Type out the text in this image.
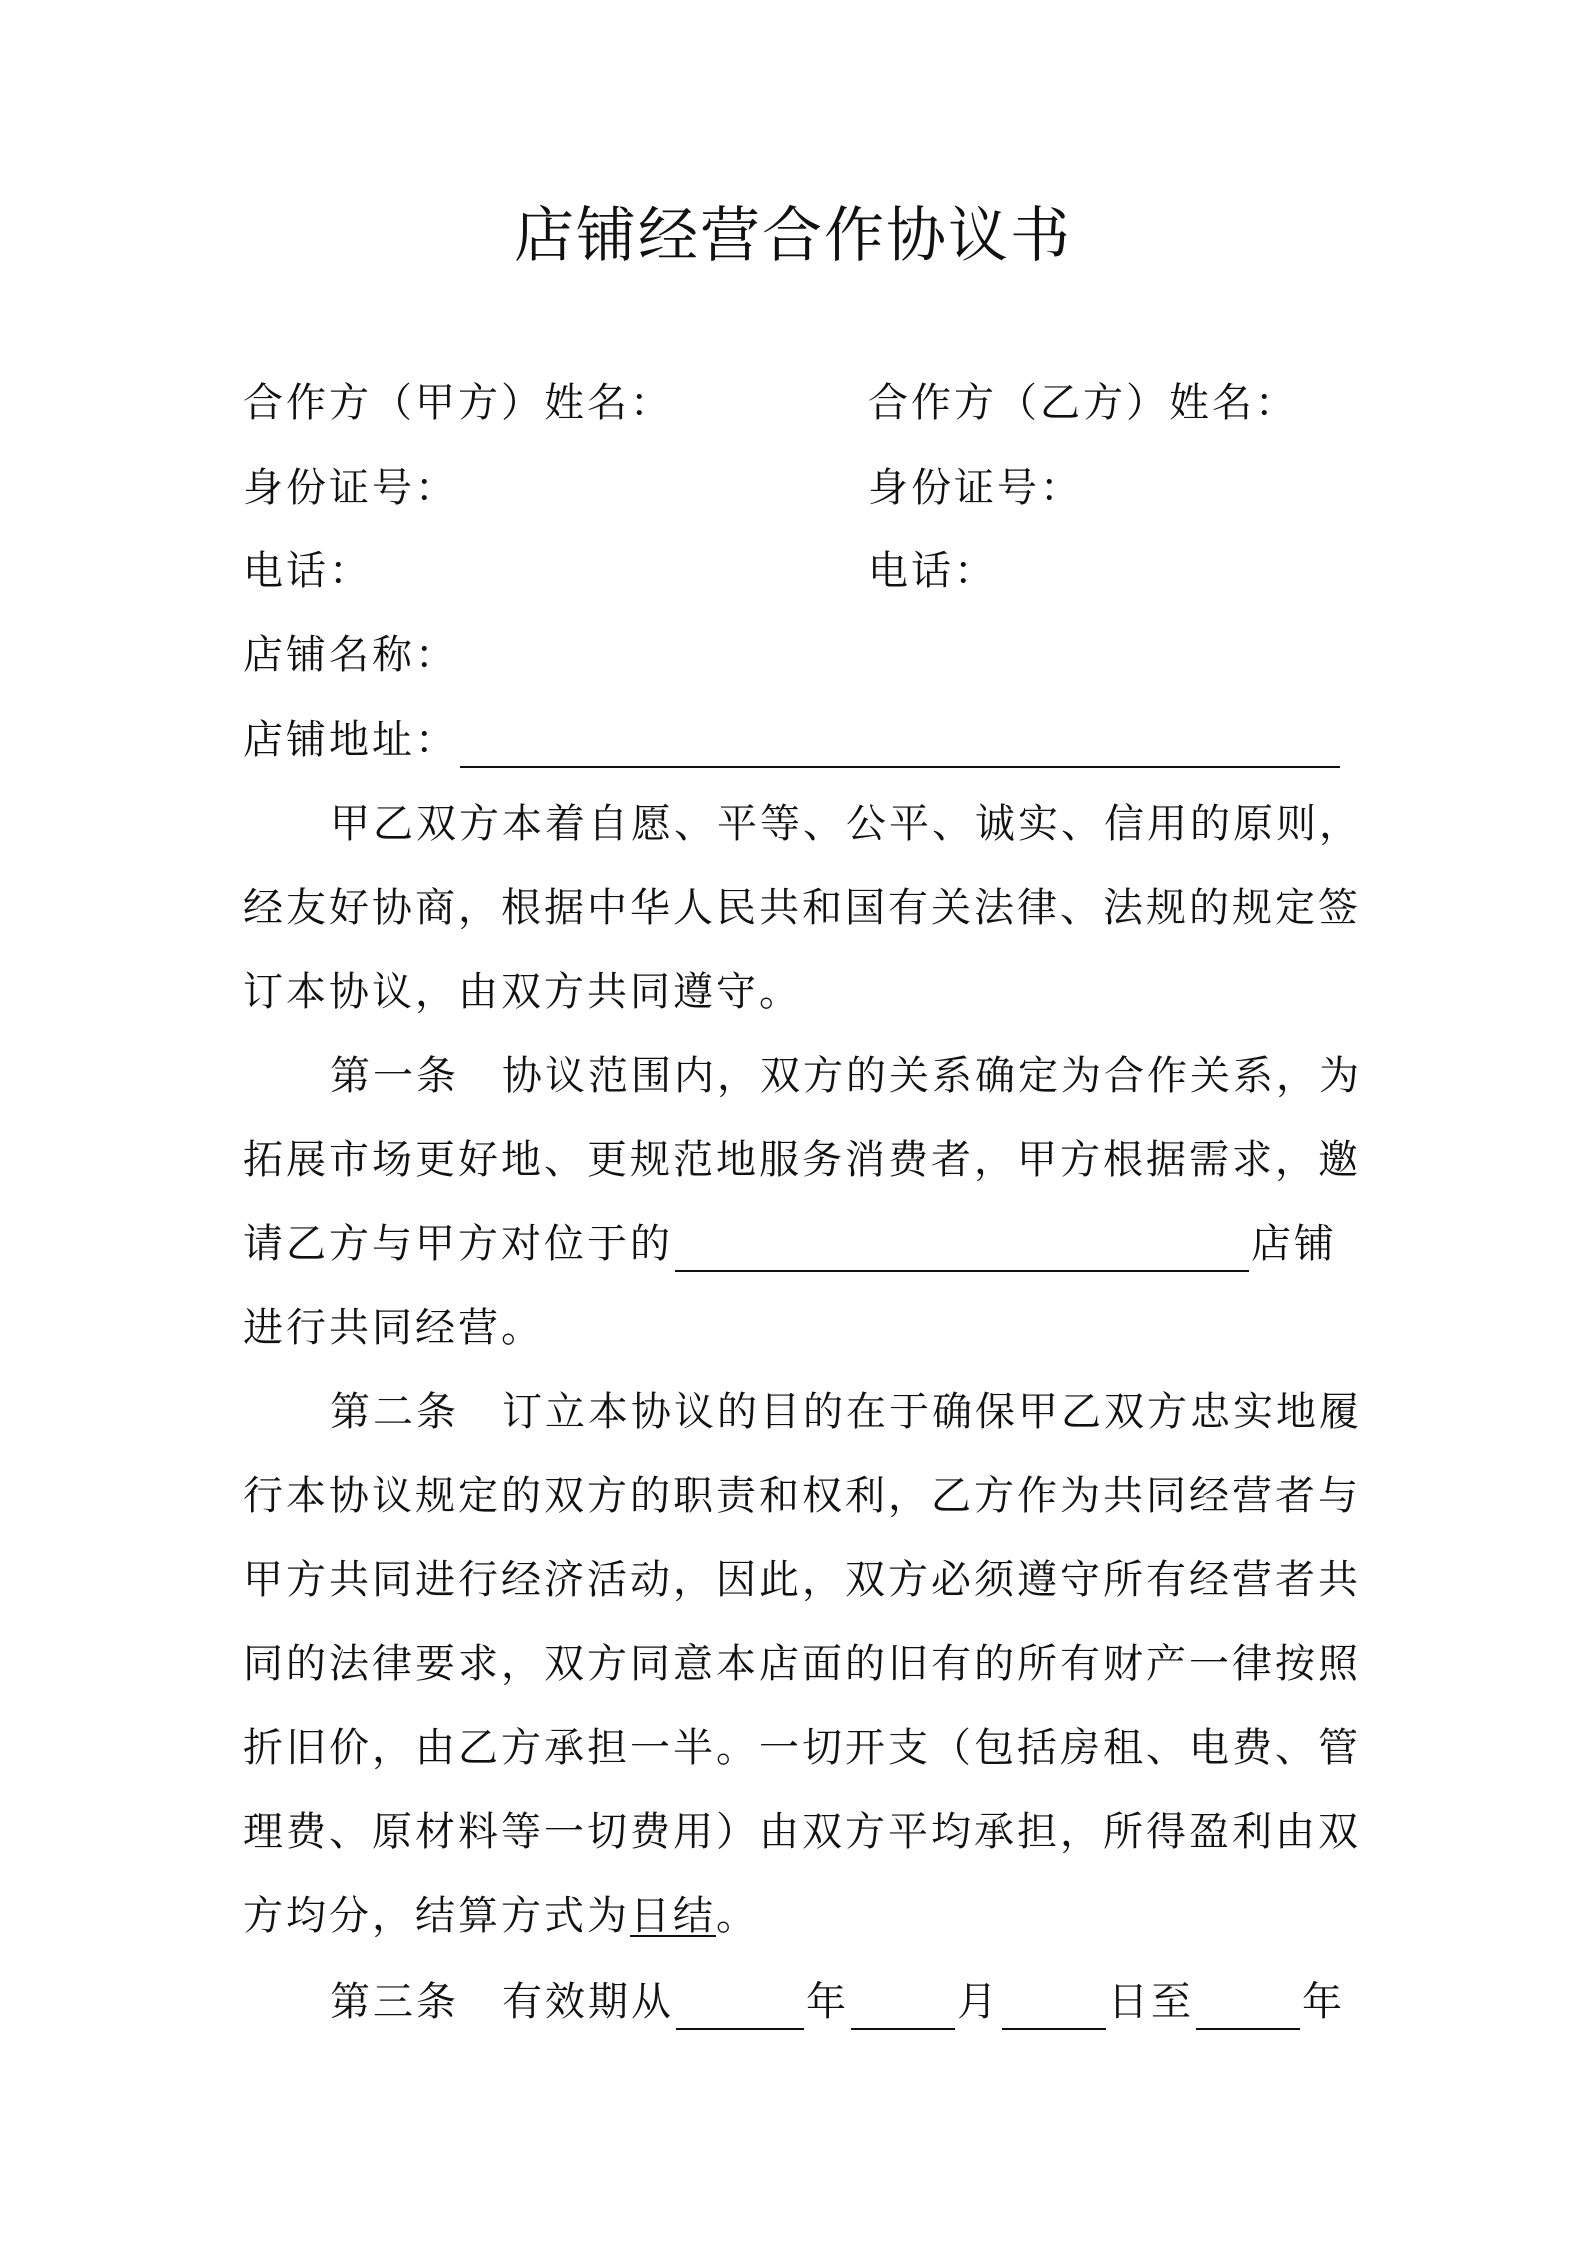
店铺经营合作协议书
合作方（甲方）姓名：	合作方（乙方）姓名：
身份证号：	身份证号：
电话：	电话：
店铺名称：
店铺地址：
甲乙双方本着自愿、平等、公平、诚实、信用的原则，
经友好协商，根据中华人民共和国有关法律、法规的规定签
订本协议，由双方共同遵守。
第一条　协议范围内，双方的关系确定为合作关系，为
拓展市场更好地、更规范地服务消费者，甲方根据需求，邀
请乙方与甲方对位于的	店铺
进行共同经营。
第二条　订立本协议的目的在于确保甲乙双方忠实地履
行本协议规定的双方的职责和权利，乙方作为共同经营者与
甲方共同进行经济活动，因此，双方必须遵守所有经营者共
同的法律要求，双方同意本店面的旧有的所有财产一律按照
折旧价，由乙方承担一半。一切开支（包括房租、电费、管
理费、原材料等一切费用）由双方平均承担，所得盈利由双
方均分，结算方式为日结。
第三条　有效期从	年	月	日至	年
